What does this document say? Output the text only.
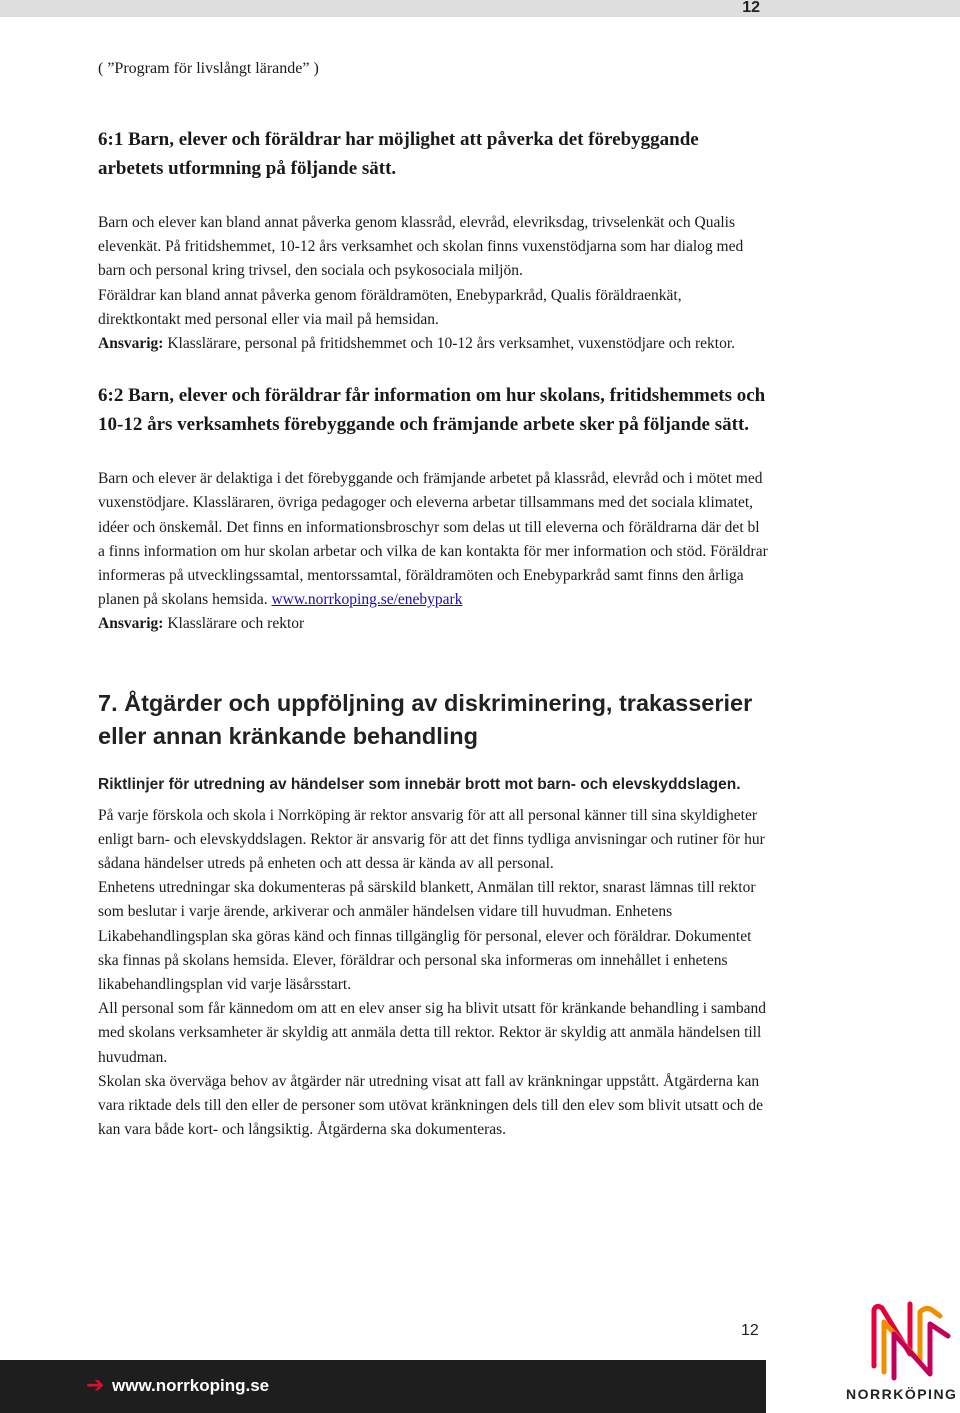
12

( ”Program för livslångt lärande” )

6:1 Barn, elever och föräldrar har möjlighet att påverka det förebyggande arbetets utformning på följande sätt.

Barn och elever kan bland annat påverka genom klassråd, elevråd, elevriksdag, trivselenkät och Qualis elevenkät. På fritidshemmet, 10-12 års verksamhet och skolan finns vuxenstödjarna som har dialog med barn och personal kring trivsel, den sociala och psykosociala miljön.

Föräldrar kan bland annat påverka genom föräldramöten, Enebyparkråd, Qualis föräldraenkät, direktkontakt med personal eller via mail på hemsidan.

Ansvarig: Klasslärare, personal på fritidshemmet och 10-12 års verksamhet, vuxenstödjare och rektor.

6:2 Barn, elever och föräldrar får information om hur skolans, fritidshemmets och 10-12 års verksamhets förebyggande och främjande arbete sker på följande sätt.

Barn och elever är delaktiga i det förebyggande och främjande arbetet på klassråd, elevråd och i mötet med vuxenstödjare. Klassläraren, övriga pedagoger och eleverna arbetar tillsammans med det sociala klimatet, idéer och önskemål. Det finns en informationsbroschyr som delas ut till eleverna och föräldrarna där det bl a finns information om hur skolan arbetar och vilka de kan kontakta för mer information och stöd. Föräldrar informeras på utvecklingssamtal, mentorssamtal, föräldramöten och Enebyparkråd samt finns den årliga planen på skolans hemsida. www.norrkoping.se/enebypark

Ansvarig: Klasslärare och rektor

7. Åtgärder och uppföljning av diskriminering, trakasserier eller annan kränkande behandling
Riktlinjer för utredning av händelser som innebär brott mot barn- och elevskyddslagen.

På varje förskola och skola i Norrköping är rektor ansvarig för att all personal känner till sina skyldigheter enligt barn- och elevskyddslagen. Rektor är ansvarig för att det finns tydliga anvisningar och rutiner för hur sådana händelser utreds på enheten och att dessa är kända av all personal.

Enhetens utredningar ska dokumenteras på särskild blankett, Anmälan till rektor, snarast lämnas till rektor som beslutar i varje ärende, arkiverar och anmäler händelsen vidare till huvudman. Enhetens Likabehandlingsplan ska göras känd och finnas tillgänglig för personal, elever och föräldrar. Dokumentet ska finnas på skolans hemsida. Elever, föräldrar och personal ska informeras om innehållet i enhetens likabehandlingsplan vid varje läsårsstart.

All personal som får kännedom om att en elev anser sig ha blivit utsatt för kränkande behandling i samband med skolans verksamheter är skyldig att anmäla detta till rektor. Rektor är skyldig att anmäla händelsen till huvudman.

Skolan ska överväga behov av åtgärder när utredning visat att fall av kränkningar uppstått. Åtgärderna kan vara riktade dels till den eller de personer som utövat kränkningen dels till den elev som blivit utsatt och de kan vara både kort- och långsiktig. Åtgärderna ska dokumenteras.

12
➔ www.norrkoping.se	NORRKÖPING
